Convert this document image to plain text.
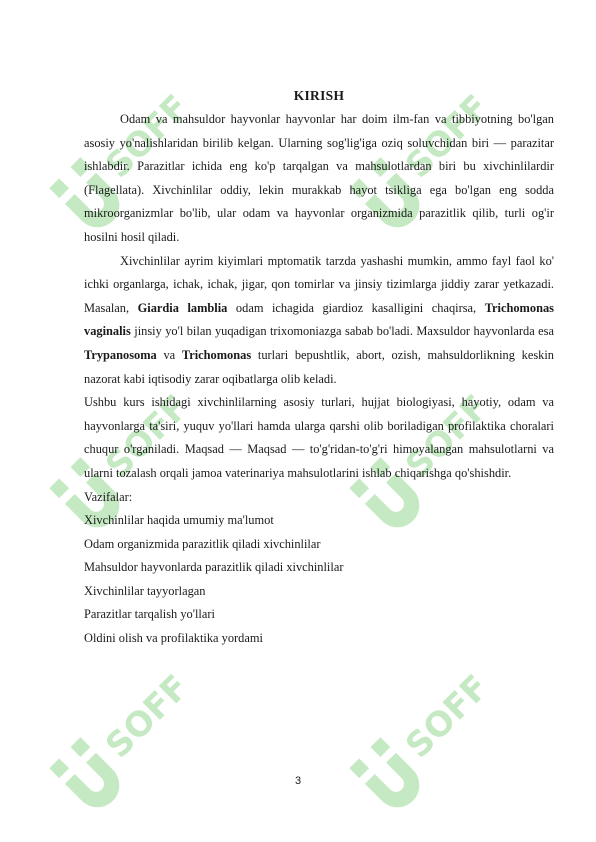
SOFF	SOFF
SOFF	SOFF
SOFF	SOFF
KIRISH

Odam va mahsuldor hayvonlar hayvonlar har doim ilm-fan va tibbiyotning bo'lgan asosiy yo'nalishlaridan birilib kelgan. Ularning sog'lig'iga oziq soluvchidan biri — parazitar ishlabdir. Parazitlar ichida eng ko'p tarqalgan va mahsulotlardan biri bu xivchinlilardir (Flagellata). Xivchinlilar oddiy, lekin murakkab hayot tsikliga ega bo'lgan eng sodda mikroorganizmlar bo'lib, ular odam va hayvonlar organizmida parazitlik qilib, turli og'ir hosilni hosil qiladi.

Xivchinlilar ayrim kiyimlari mptomatik tarzda yashashi mumkin, ammo fayl faol ko' ichki organlarga, ichak, ichak, jigar, qon tomirlar va jinsiy tizimlarga jiddiy zarar yetkazadi. Masalan, Giardia lamblia odam ichagida giardioz kasalligini chaqirsa, Trichomonas vaginalis jinsiy yo'l bilan yuqadigan trixomoniazga sabab bo'ladi. Maxsuldor hayvonlarda esa Trypanosoma va Trichomonas turlari bepushtlik, abort, ozish, mahsuldorlikning keskin nazorat kabi iqtisodiy zarar oqibatlarga olib keladi.

Ushbu kurs ishidagi xivchinlilarning asosiy turlari, hujjat biologiyasi, hayotiy, odam va hayvonlarga ta'siri, yuquv yo'llari hamda ularga qarshi olib boriladigan profilaktika choralari chuqur o'rganiladi. Maqsad — Maqsad — to'g'ridan-to'g'ri himoyalangan mahsulotlarni va ularni tozalash orqali jamoa vaterinariya mahsulotlarini ishlab chiqarishga qo'shishdir.

Vazifalar:
Xivchinlilar haqida umumiy ma'lumot
Odam organizmida parazitlik qiladi xivchinlilar
Mahsuldor hayvonlarda parazitlik qiladi xivchinlilar
Xivchinlilar tayyorlagan
Parazitlar tarqalish yo'llari
Oldini olish va profilaktika yordami
3
